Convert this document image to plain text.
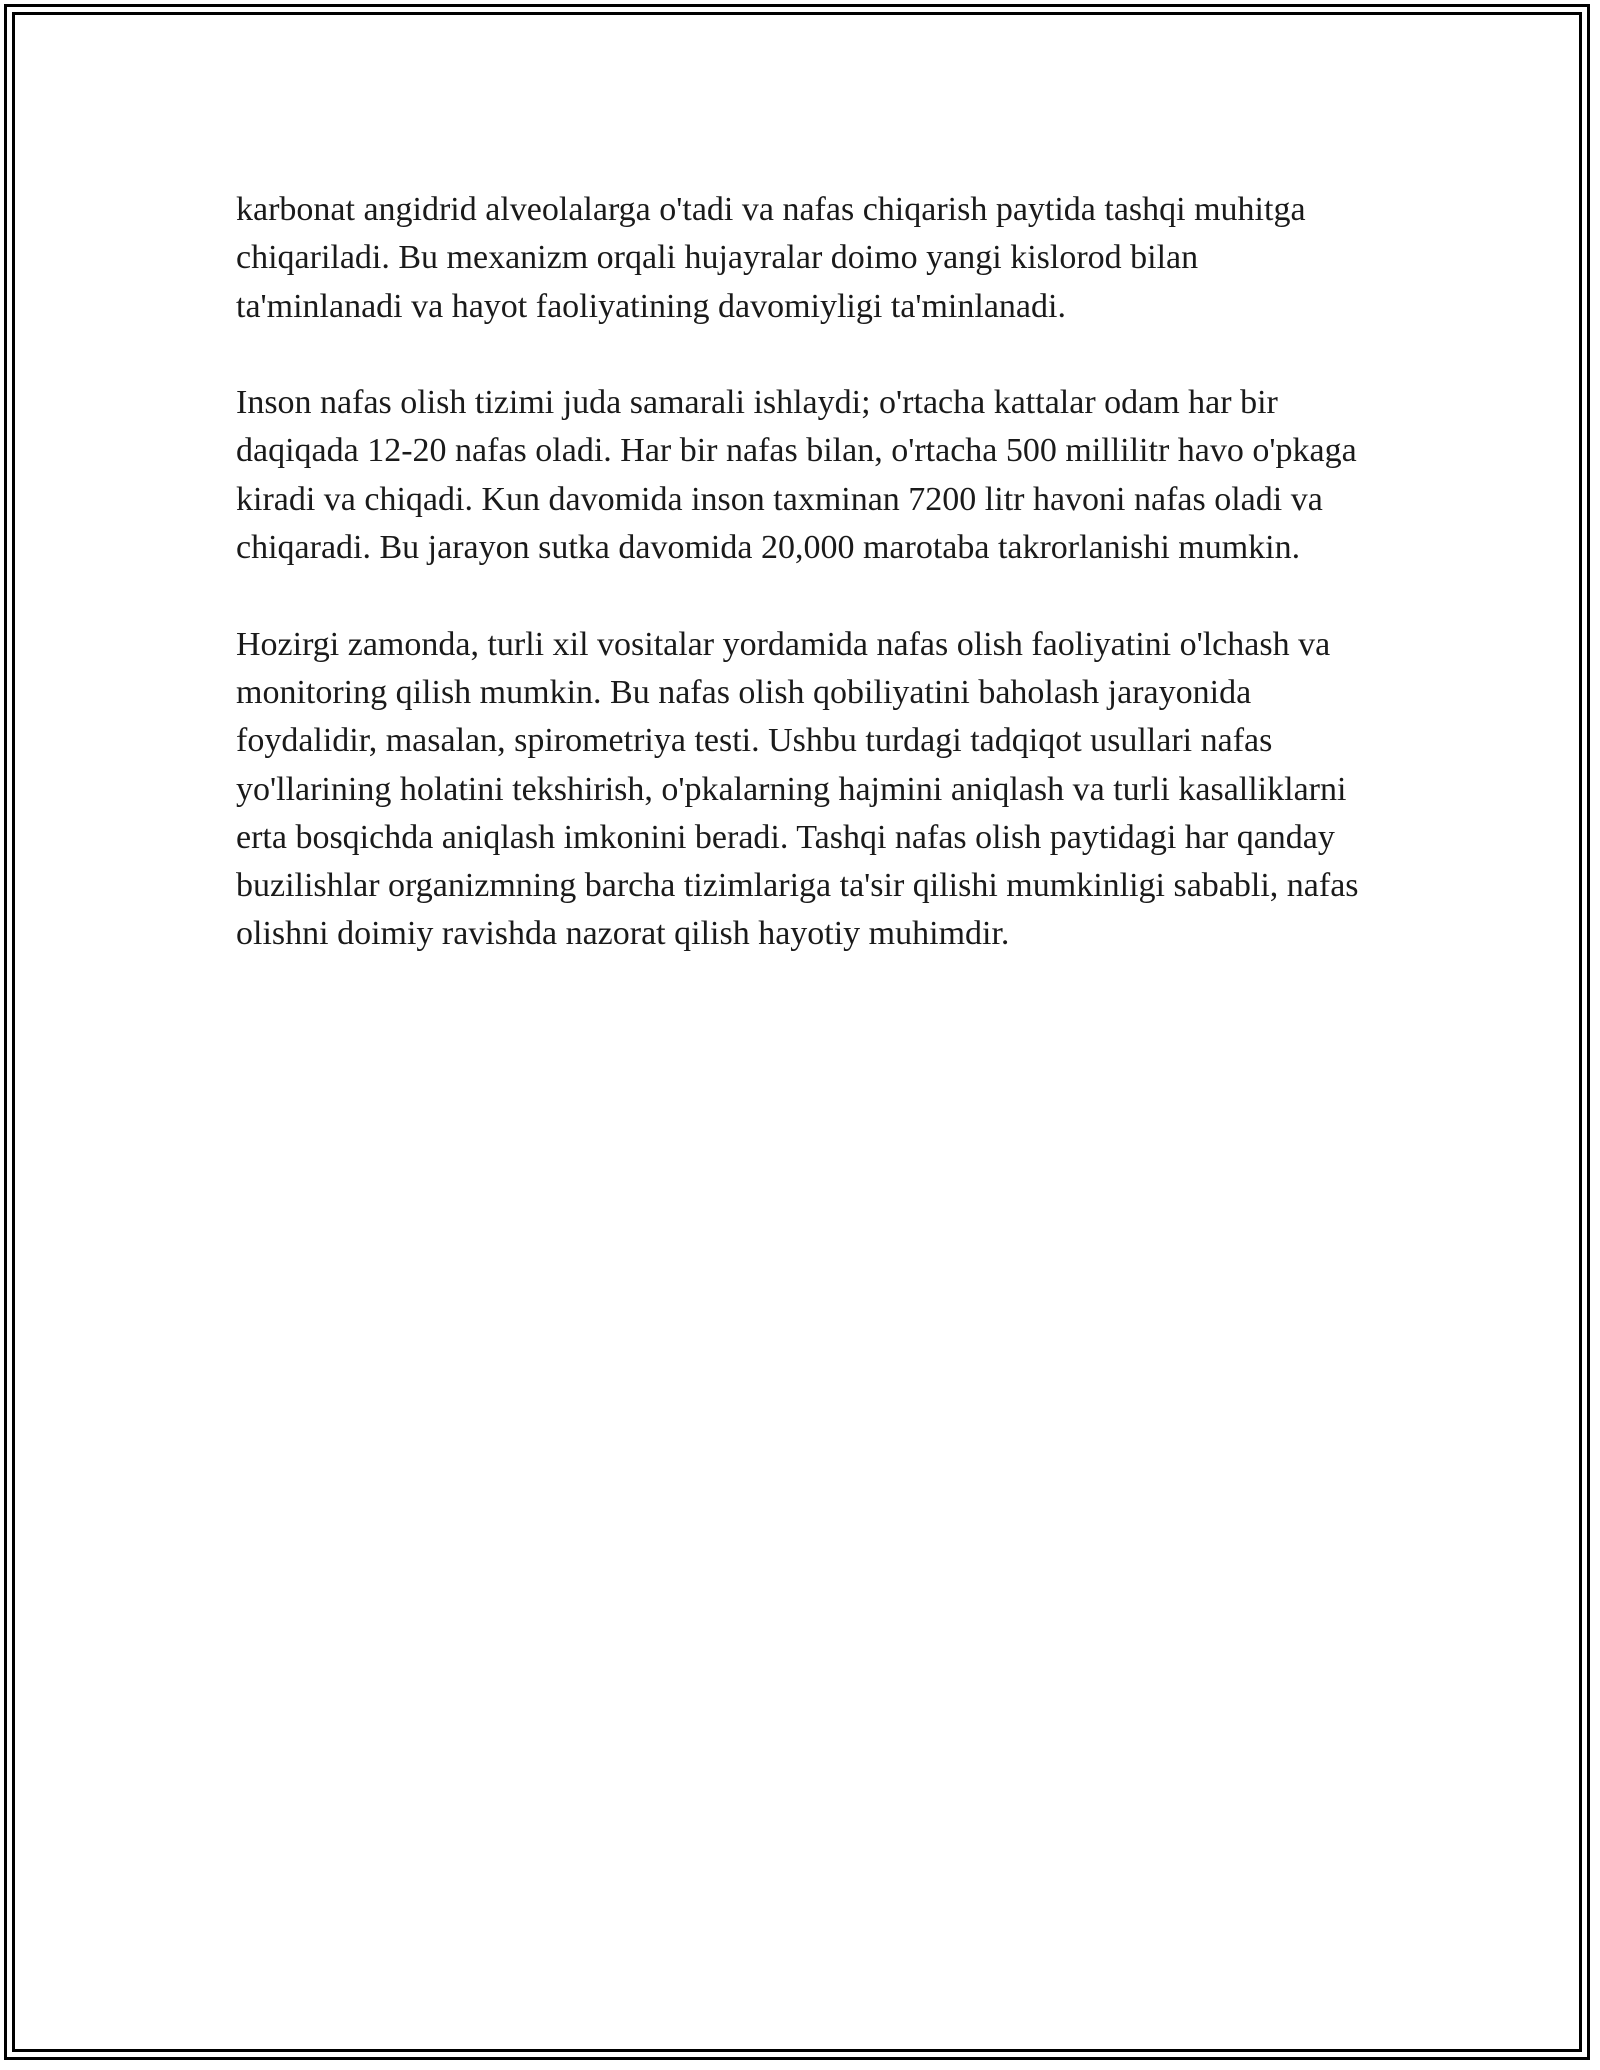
karbonat angidrid alveolalarga o'tadi va nafas chiqarish paytida tashqi muhitga chiqariladi. Bu mexanizm orqali hujayralar doimo yangi kislorod bilan ta'minlanadi va hayot faoliyatining davomiyligi ta'minlanadi.

Inson nafas olish tizimi juda samarali ishlaydi; o'rtacha kattalar odam har bir daqiqada 12-20 nafas oladi. Har bir nafas bilan, o'rtacha 500 millilitr havo o'pkaga kiradi va chiqadi. Kun davomida inson taxminan 7200 litr havoni nafas oladi va chiqaradi. Bu jarayon sutka davomida 20,000 marotaba takrorlanishi mumkin.

Hozirgi zamonda, turli xil vositalar yordamida nafas olish faoliyatini o'lchash va monitoring qilish mumkin. Bu nafas olish qobiliyatini baholash jarayonida foydalidir, masalan, spirometriya testi. Ushbu turdagi tadqiqot usullari nafas yo'llarining holatini tekshirish, o'pkalarning hajmini aniqlash va turli kasalliklarni erta bosqichda aniqlash imkonini beradi. Tashqi nafas olish paytidagi har qanday buzilishlar organizmning barcha tizimlariga ta'sir qilishi mumkinligi sababli, nafas olishni doimiy ravishda nazorat qilish hayotiy muhimdir.
